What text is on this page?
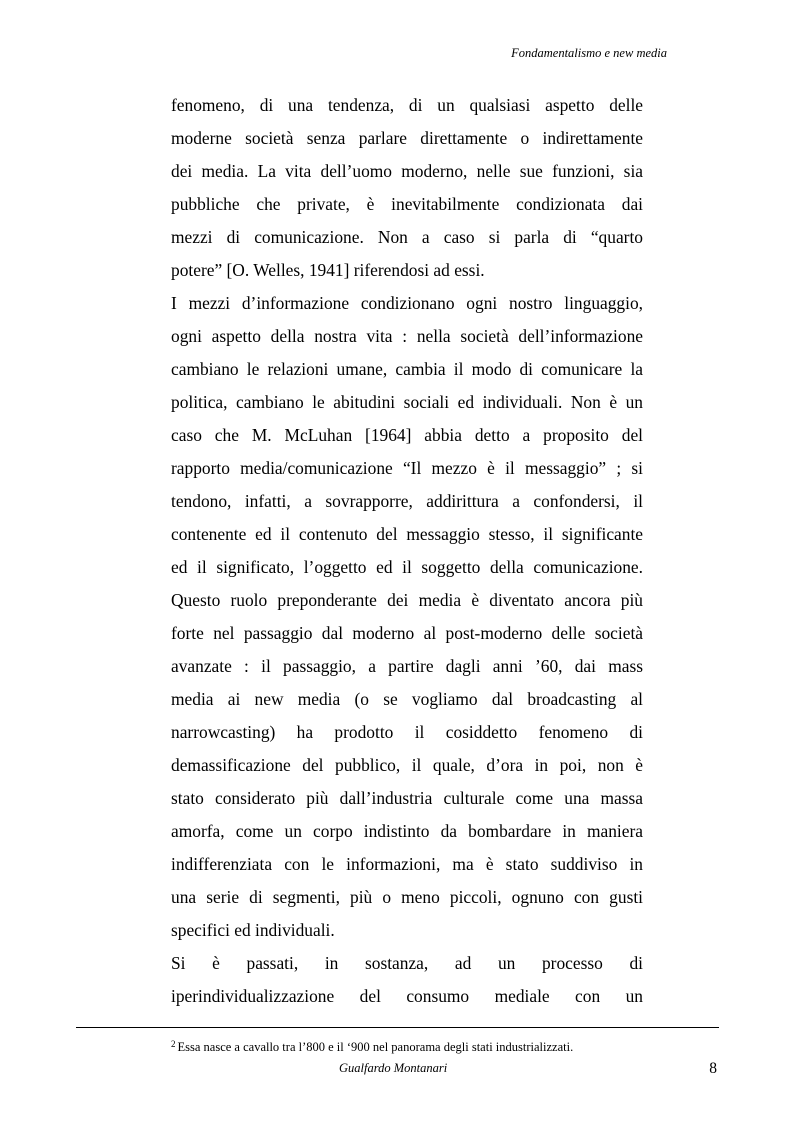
Fondamentalismo e new media
fenomeno, di una tendenza, di un qualsiasi aspetto delle
moderne società senza parlare direttamente o indirettamente
dei media. La vita dell’uomo moderno, nelle sue funzioni, sia
pubbliche che private, è inevitabilmente condizionata dai
mezzi di comunicazione. Non a caso si parla di “quarto
potere” [O. Welles, 1941] riferendosi ad essi.
I mezzi d’informazione condizionano ogni nostro linguaggio,
ogni aspetto della nostra vita : nella società dell’informazione
cambiano le relazioni umane, cambia il modo di comunicare la
politica, cambiano le abitudini sociali ed individuali. Non è un
caso che M. McLuhan [1964] abbia detto a proposito del
rapporto media/comunicazione “Il mezzo è il messaggio” ; si
tendono, infatti, a sovrapporre, addirittura a confondersi, il
contenente ed il contenuto del messaggio stesso, il significante
ed il significato, l’oggetto ed il soggetto della comunicazione.
Questo ruolo preponderante dei media è diventato ancora più
forte nel passaggio dal moderno al post-moderno delle società
avanzate : il passaggio, a partire dagli anni ’60, dai mass
media ai new media (o se vogliamo dal broadcasting al
narrowcasting) ha prodotto il cosiddetto fenomeno di
demassificazione del pubblico, il quale, d’ora in poi, non è
stato considerato più dall’industria culturale come una massa
amorfa, come un corpo indistinto da bombardare in maniera
indifferenziata con le informazioni, ma è stato suddiviso in
una serie di segmenti, più o meno piccoli, ognuno con gusti
specifici ed individuali.
Si è passati, in sostanza, ad un processo di
iperindividualizzazione del consumo mediale con un
$^2$ Essa nasce a cavallo tra l’800 e il ‘900 nel panorama degli stati industrializzati.
Gualfardo Montanari	8
